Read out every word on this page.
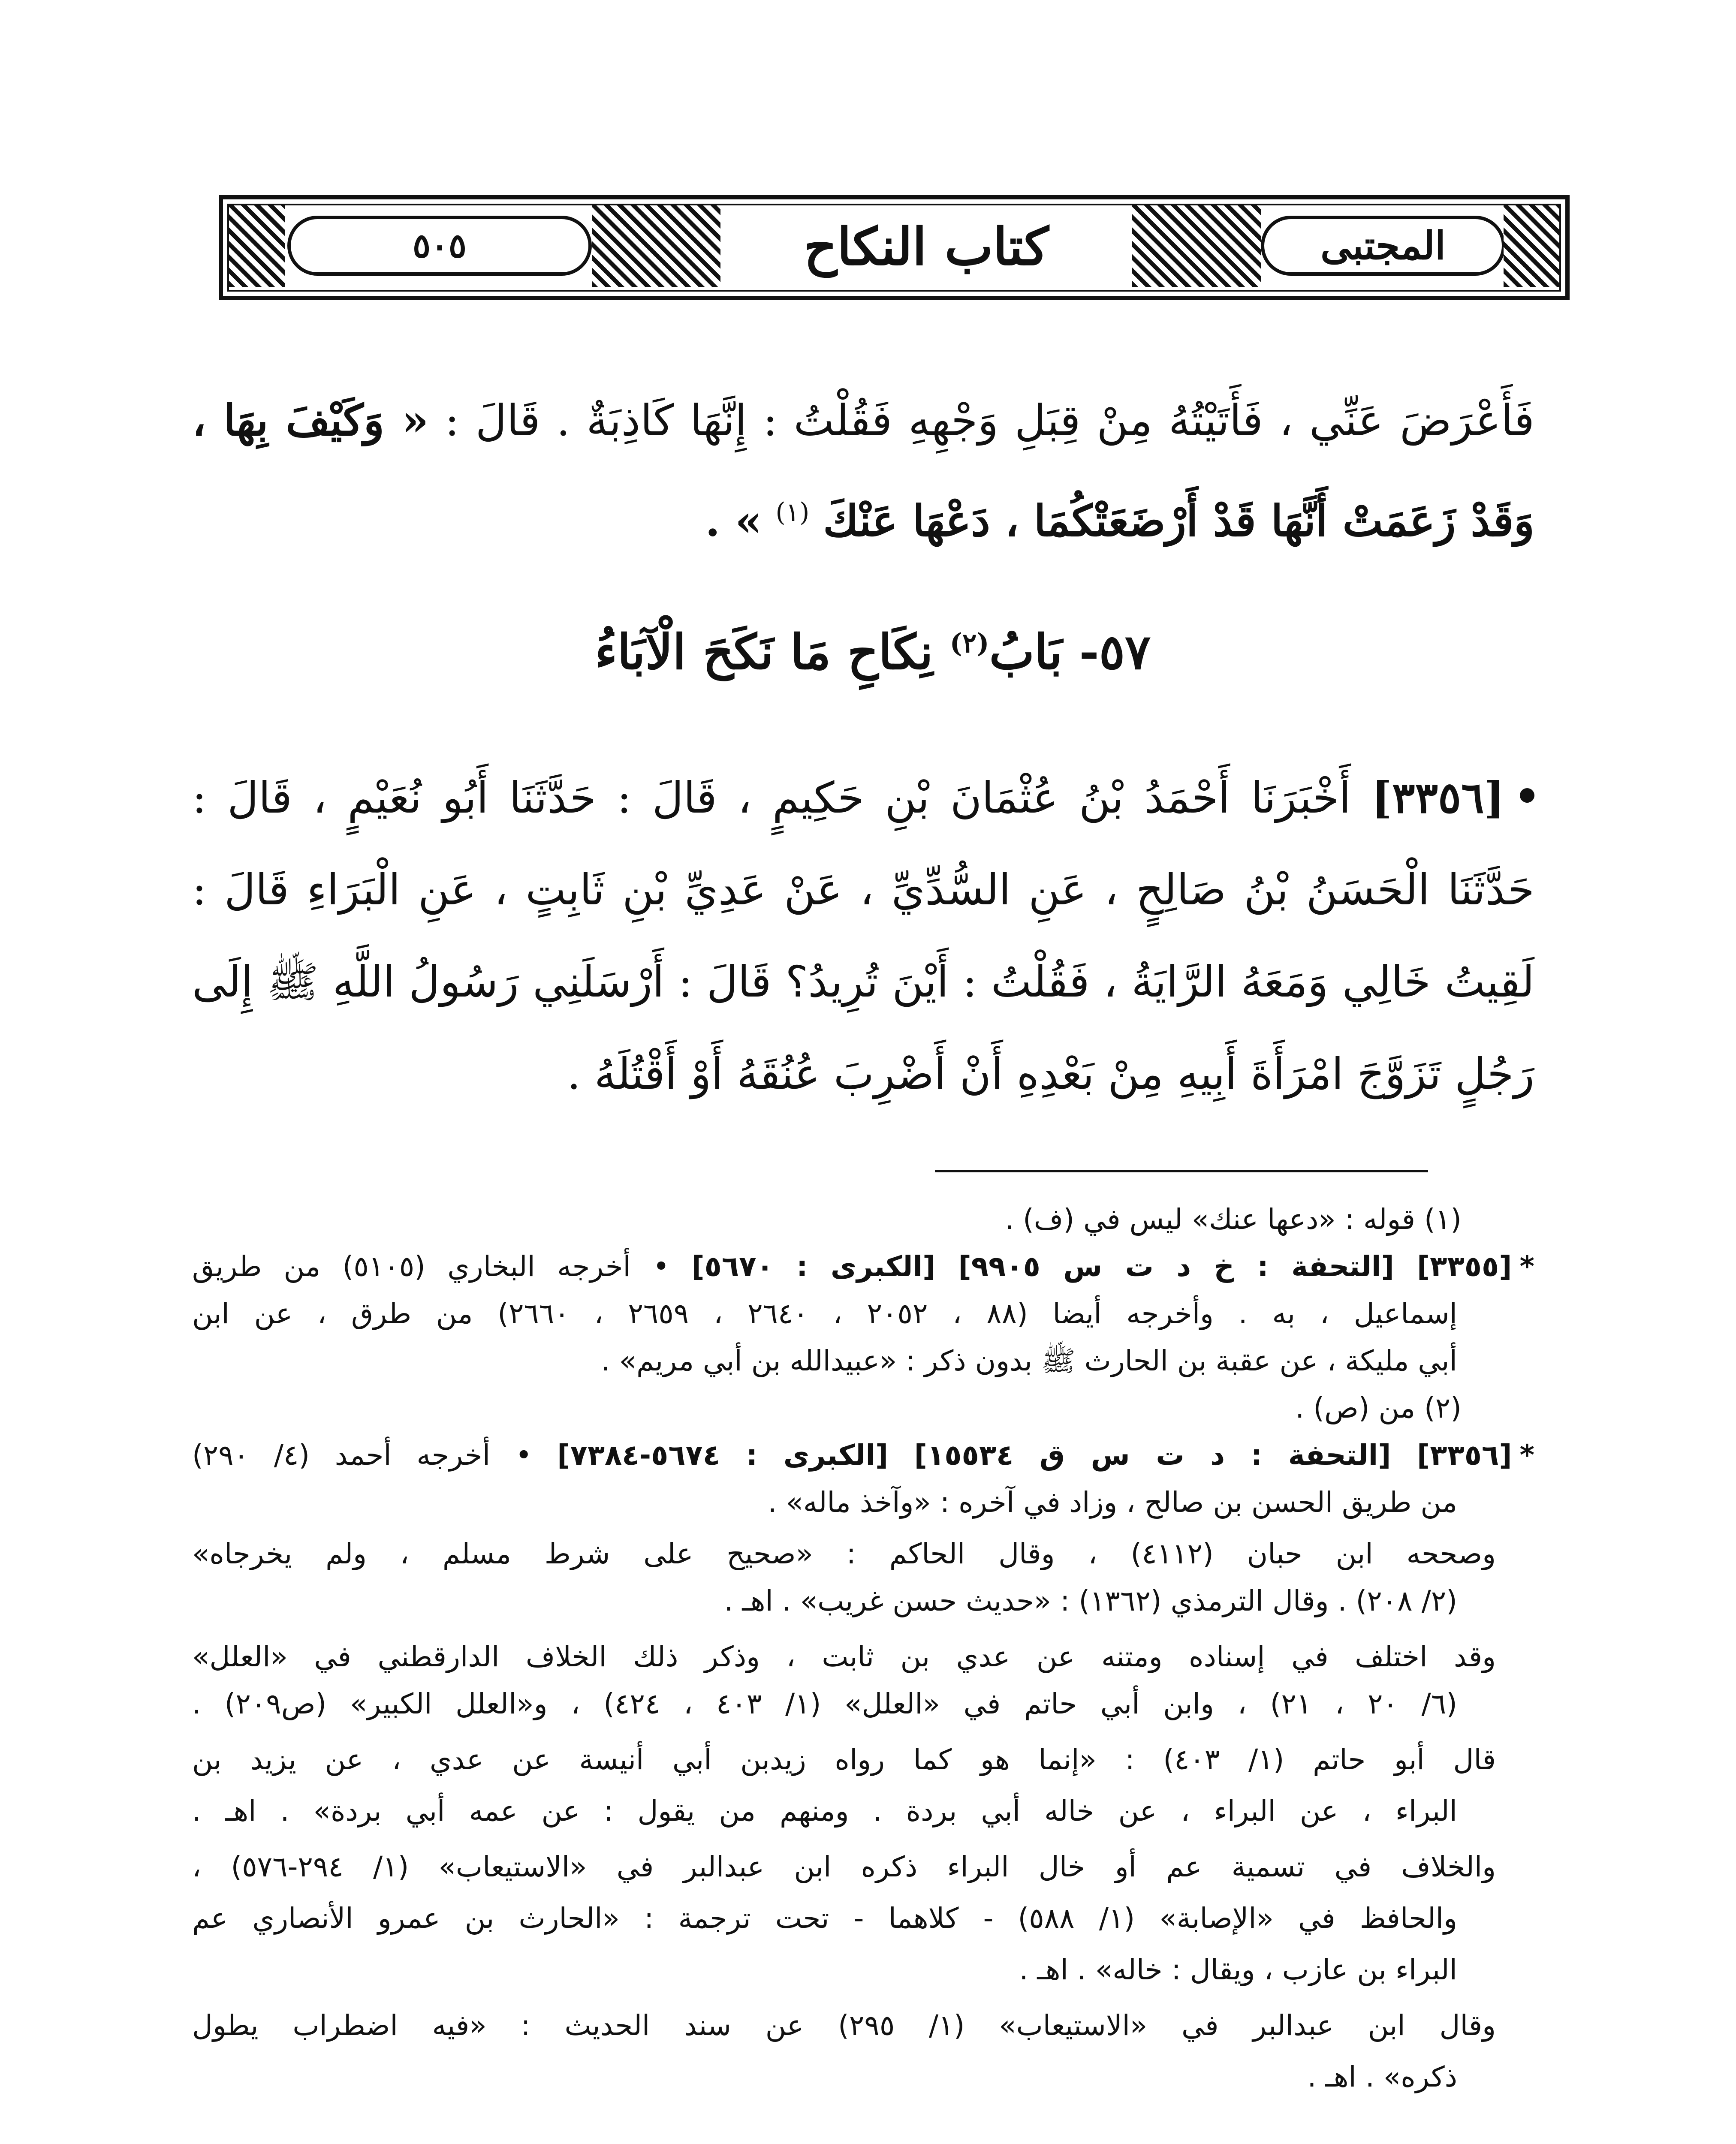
٥٠٥	كتاب النكاح	المجتبى
فَأَعْرَضَ عَنِّي ، فَأَتَيْتُهُ مِنْ قِبَلِ وَجْهِهِ فَقُلْتُ : إِنَّهَا كَاذِبَةٌ . قَالَ : « وَكَيْفَ بِهَا ،
وَقَدْ زَعَمَتْ أَنَّهَا قَدْ أَرْضَعَتْكُمَا ، دَعْهَا عَنْكَ $^{(١)}$ » .
٥٧- بَابُ$^{(٢)}$ نِكَاحِ مَا نَكَحَ الْآبَاءُ
[٣٣٥٦] أَخْبَرَنَا أَحْمَدُ بْنُ عُثْمَانَ بْنِ حَكِيمٍ ، قَالَ : حَدَّثَنَا أَبُو نُعَيْمٍ ، قَالَ :
حَدَّثَنَا الْحَسَنُ بْنُ صَالِحٍ ، عَنِ السُّدِّيِّ ، عَنْ عَدِيِّ بْنِ ثَابِتٍ ، عَنِ الْبَرَاءِ قَالَ :
لَقِيتُ خَالِي وَمَعَهُ الرَّايَةُ ، فَقُلْتُ : أَيْنَ تُرِيدُ؟ قَالَ : أَرْسَلَنِي رَسُولُ اللَّهِ ﷺ إِلَى
رَجُلٍ تَزَوَّجَ امْرَأَةَ أَبِيهِ مِنْ بَعْدِهِ أَنْ أَضْرِبَ عُنُقَهُ أَوْ أَقْتُلَهُ .
(١) قوله : «دعها عنك» ليس في (ف) .
*[٣٣٥٥] [التحفة : خ د ت س ٩٩٠٥] [الكبرى : ٥٦٧٠] • أخرجه البخاري (٥١٠٥) من طريق
إسماعيل ، به . وأخرجه أيضا (٨٨ ، ٢٠٥٢ ، ٢٦٤٠ ، ٢٦٥٩ ، ٢٦٦٠) من طرق ، عن ابن
أبي مليكة ، عن عقبة بن الحارث ﷺ بدون ذكر : «عبيدالله بن أبي مريم» .
(٢) من (ص) .
*[٣٣٥٦] [التحفة : د ت س ق ١٥٥٣٤] [الكبرى : ٥٦٧٤-٧٣٨٤] • أخرجه أحمد (٤/ ٢٩٠)
من طريق الحسن بن صالح ، وزاد في آخره : «وآخذ ماله» .
وصححه ابن حبان (٤١١٢) ، وقال الحاكم : «صحيح على شرط مسلم ، ولم يخرجاه»
(٢/ ٢٠٨) . وقال الترمذي (١٣٦٢) : «حديث حسن غريب» . اهـ .
وقد اختلف في إسناده ومتنه عن عدي بن ثابت ، وذكر ذلك الخلاف الدارقطني في «العلل»
(٦/ ٢٠ ، ٢١) ، وابن أبي حاتم في «العلل» (١/ ٤٠٣ ، ٤٢٤) ، و«العلل الكبير» (ص٢٠٩) .
قال أبو حاتم (١/ ٤٠٣) : «إنما هو كما رواه زيدبن أبي أنيسة عن عدي ، عن يزيد بن
البراء ، عن البراء ، عن خاله أبي بردة . ومنهم من يقول : عن عمه أبي بردة» . اهـ .
والخلاف في تسمية عم أو خال البراء ذكره ابن عبدالبر في «الاستيعاب» (١/ ٢٩٤-٥٧٦) ،
والحافظ في «الإصابة» (١/ ٥٨٨) - كلاهما - تحت ترجمة : «الحارث بن عمرو الأنصاري عم
البراء بن عازب ، ويقال : خاله» . اهـ .
وقال ابن عبدالبر في «الاستيعاب» (١/ ٢٩٥) عن سند الحديث : «فيه اضطراب يطول
ذكره» . اهـ .
